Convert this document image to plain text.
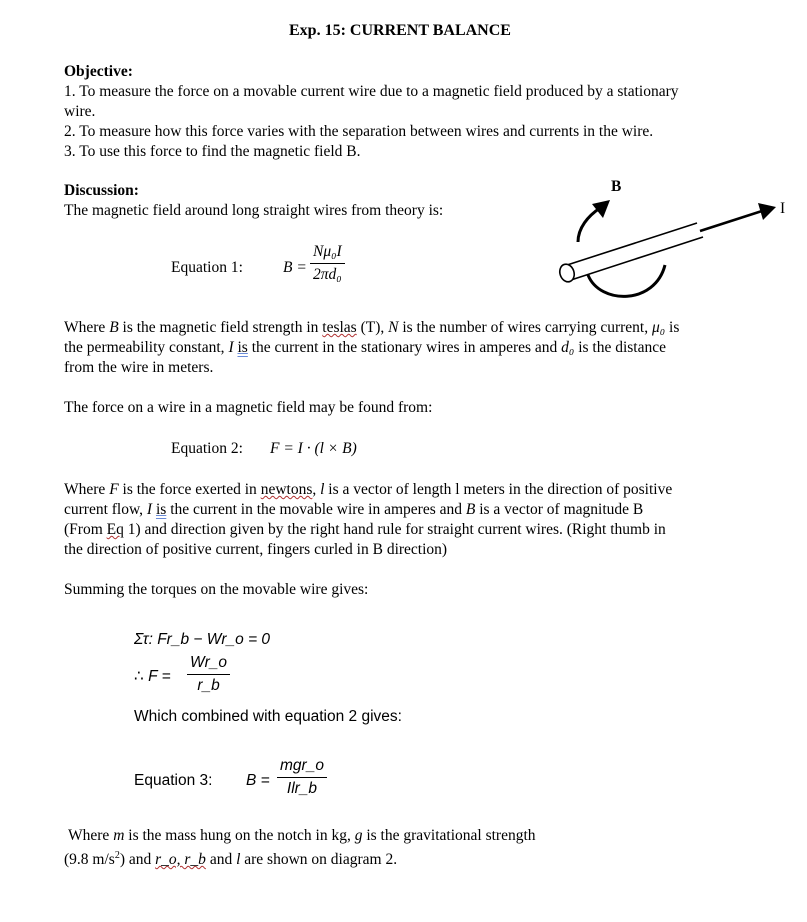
Exp. 15: CURRENT BALANCE
Objective:
1. To measure the force on a movable current wire due to a magnetic field produced by a stationary
wire.
2. To measure how this force varies with the separation between wires and currents in the wire.
3. To use this force to find the magnetic field B.
Discussion:
The magnetic field around long straight wires from theory is:
B
I
Equation 1:	$B = \frac{\text{Nμ₀I}}{\text{2πd₀}}$
Where B is the magnetic field strength in teslas (T), N is the number of wires carrying current, μ₀ is
the permeability constant, I is the current in the stationary wires in amperes and d₀ is the distance
from the wire in meters.
The force on a wire in a magnetic field may be found from:
Equation 2: F = I · (l × B)
Where F is the force exerted in newtons, l is a vector of length l meters in the direction of positive
current flow, I is the current in the movable wire in amperes and B is a vector of magnitude B
(From Eq 1) and direction given by the right hand rule for straight current wires. (Right thumb in
the direction of positive current, fingers curled in B direction)
Summing the torques on the movable wire gives:
Στ: Fr_b − Wr_o = 0
∴ $F = \frac{Wr\_o}{r\_b}$
Which combined with equation 2 gives:
Equation 3: B =
mgr_o
Ilr_b
Where m is the mass hung on the notch in kg, g is the gravitational strength
(9.8 $m/s^2$) and r_o, r_b and l are shown on diagram 2.
